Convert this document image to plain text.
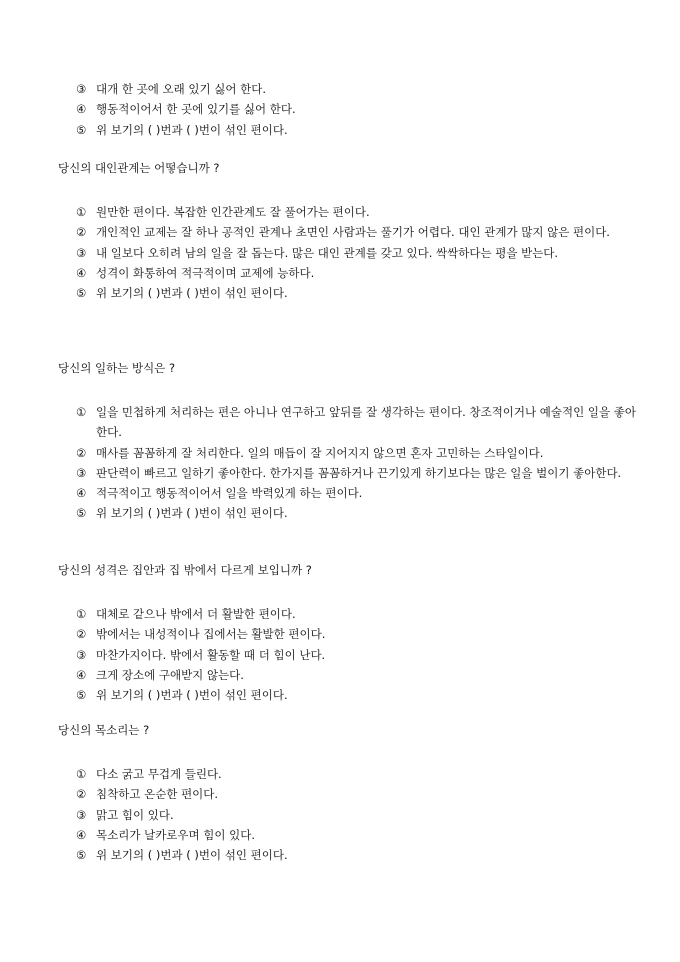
③ 대개 한 곳에 오래 있기 싫어 한다.
④ 행동적이어서 한 곳에 있기를 싫어 한다.
⑤ 위 보기의 ( )번과 ( )번이 섞인 편이다.

당신의 대인관계는 어떻습니까 ?

① 원만한 편이다. 복잡한 인간관계도 잘 풀어가는 편이다.
② 개인적인 교제는 잘 하나 공적인 관계나 초면인 사람과는 풀기가 어렵다. 대인 관계가 많지 않은 편이다.
③ 내 일보다 오히려 남의 일을 잘 돕는다. 많은 대인 관계를 갖고 있다. 싹싹하다는 평을 받는다.
④ 성격이 화통하여 적극적이며 교제에 능하다.
⑤ 위 보기의 ( )번과 ( )번이 섞인 편이다.

당신의 일하는 방식은 ?

① 일을 민첩하게 처리하는 편은 아니나 연구하고 앞뒤를 잘 생각하는 편이다. 창조적이거나 예술적인 일을 좋아한다.
② 매사를 꼼꼼하게 잘 처리한다. 일의 매듭이 잘 지어지지 않으면 혼자 고민하는 스타일이다.
③ 판단력이 빠르고 일하기 좋아한다. 한가지를 꼼꼼하거나 끈기있게 하기보다는 많은 일을 벌이기 좋아한다.
④ 적극적이고 행동적이어서 일을 박력있게 하는 편이다.
⑤ 위 보기의 ( )번과 ( )번이 섞인 편이다.

당신의 성격은 집안과 집 밖에서 다르게 보입니까 ?

① 대체로 같으나 밖에서 더 활발한 편이다.
② 밖에서는 내성적이나 집에서는 활발한 편이다.
③ 마찬가지이다. 밖에서 활동할 때 더 힘이 난다.
④ 크게 장소에 구애받지 않는다.
⑤ 위 보기의 ( )번과 ( )번이 섞인 편이다.

당신의 목소리는 ?

① 다소 굵고 무겁게 들린다.
② 침착하고 온순한 편이다.
③ 맑고 힘이 있다.
④ 목소리가 날카로우며 힘이 있다.
⑤ 위 보기의 ( )번과 ( )번이 섞인 편이다.
